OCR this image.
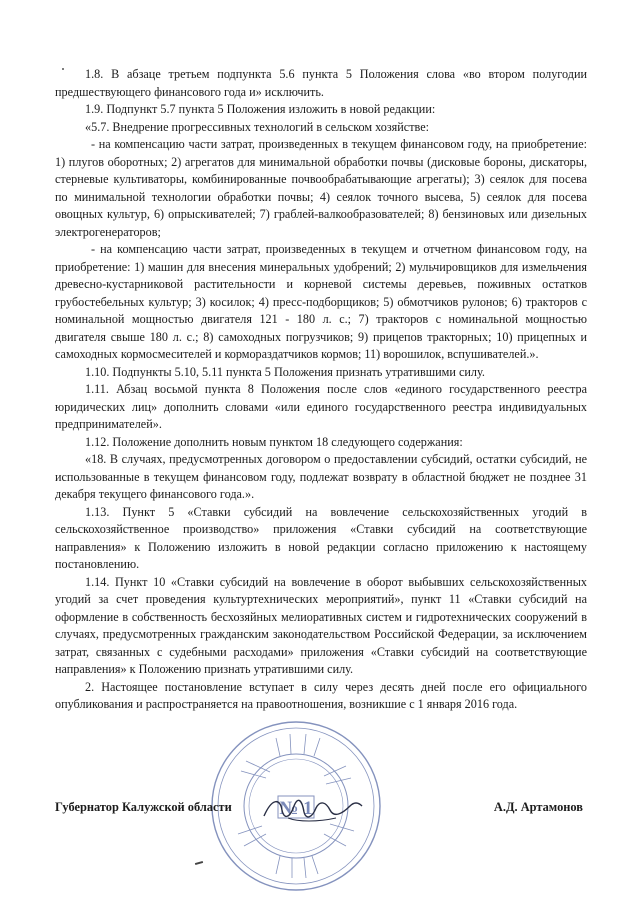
1.8. В абзаце третьем подпункта 5.6 пункта 5 Положения слова «во втором полугодии предшествующего финансового года и» исключить.

1.9. Подпункт 5.7 пункта 5 Положения изложить в новой редакции:

«5.7. Внедрение прогрессивных технологий в сельском хозяйстве:

- на компенсацию части затрат, произведенных в текущем финансовом году, на приобретение: 1) плугов оборотных; 2) агрегатов для минимальной обработки почвы (дисковые бороны, дискаторы, стерневые культиваторы, комбинированные почвообрабатывающие агрегаты); 3) сеялок для посева по минимальной технологии обработки почвы; 4) сеялок точного высева, 5) сеялок для посева овощных культур, 6) опрыскивателей; 7) граблей-валкообразователей; 8) бензиновых или дизельных электрогенераторов;

- на компенсацию части затрат, произведенных в текущем и отчетном финансовом году, на приобретение: 1) машин для внесения минеральных удобрений; 2) мульчировщиков для измельчения древесно-кустарниковой растительности и корневой системы деревьев, поживных остатков грубостебельных культур; 3) косилок; 4) пресс-подборщиков; 5) обмотчиков рулонов; 6) тракторов с номинальной мощностью двигателя 121 - 180 л. с.; 7) тракторов с номинальной мощностью двигателя свыше 180 л. с.; 8) самоходных погрузчиков; 9) прицепов тракторных; 10) прицепных и самоходных кормосмесителей и кормораздатчиков кормов; 11) ворошилок, вспушивателей.».

1.10. Подпункты 5.10, 5.11 пункта 5 Положения признать утратившими силу.

1.11. Абзац восьмой пункта 8 Положения после слов «единого государственного реестра юридических лиц» дополнить словами «или единого государственного реестра индивидуальных предпринимателей».

1.12. Положение дополнить новым пунктом 18 следующего содержания:

«18. В случаях, предусмотренных договором о предоставлении субсидий, остатки субсидий, не использованные в текущем финансовом году, подлежат возврату в областной бюджет не позднее 31 декабря текущего финансового года.».

1.13. Пункт 5 «Ставки субсидий на вовлечение сельскохозяйственных угодий в сельскохозяйственное производство» приложения «Ставки субсидий на соответствующие направления» к Положению изложить в новой редакции согласно приложению к настоящему постановлению.

1.14. Пункт 10 «Ставки субсидий на вовлечение в оборот выбывших сельскохозяйственных угодий за счет проведения культуртехнических мероприятий», пункт 11 «Ставки субсидий на оформление в собственность бесхозяйных мелиоративных систем и гидротехнических сооружений в случаях, предусмотренных гражданским законодательством Российской Федерации, за исключением затрат, связанных с судебными расходами» приложения «Ставки субсидий на соответствующие направления» к Положению признать утратившими силу.

2. Настоящее постановление вступает в силу через десять дней после его официального опубликования и распространяется на правоотношения, возникшие с 1 января 2016 года.

№ 1
Губернатор Калужской области	А.Д. Артамонов
